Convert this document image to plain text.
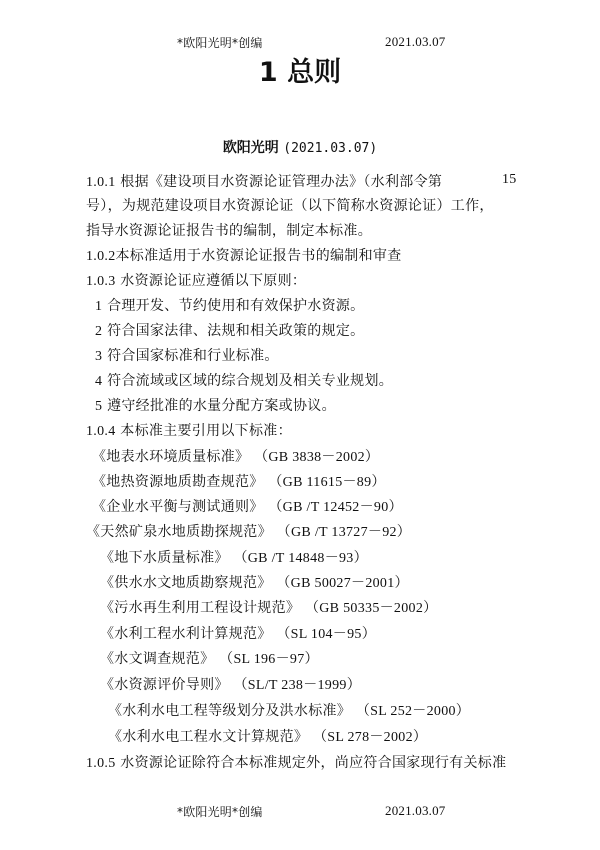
*欧阳光明*创编	2021.03.07
1 总则
欧阳光明 (2021.03.07)
1.0.1 根据《建设项目水资源论证管理办法》（水利部令第	15
号），为规范建设项目水资源论证（以下简称水资源论证）工作，
指导水资源论证报告书的编制，制定本标准。
1.0.2本标准适用于水资源论证报告书的编制和审查
1.0.3 水资源论证应遵循以下原则：
1 合理开发、节约使用和有效保护水资源。
2 符合国家法律、法规和相关政策的规定。
3 符合国家标准和行业标准。
4 符合流域或区域的综合规划及相关专业规划。
5 遵守经批准的水量分配方案或协议。
1.0.4 本标准主要引用以下标准：
《地表水环境质量标准》 （GB 3838－2002）
《地热资源地质勘查规范》 （GB 11615－89）
《企业水平衡与测试通则》 （GB /T 12452－90）
《天然矿泉水地质勘探规范》 （GB /T 13727－92）
《地下水质量标准》 （GB /T 14848－93）
《供水水文地质勘察规范》 （GB 50027－2001）
《污水再生利用工程设计规范》 （GB 50335－2002）
《水利工程水利计算规范》 （SL 104－95）
《水文调查规范》 （SL 196－97）
《水资源评价导则》 （SL/T 238－1999）
《水利水电工程等级划分及洪水标准》 （SL 252－2000）
《水利水电工程水文计算规范》 （SL 278－2002）
1.0.5 水资源论证除符合本标准规定外，尚应符合国家现行有关标准
*欧阳光明*创编	2021.03.07
